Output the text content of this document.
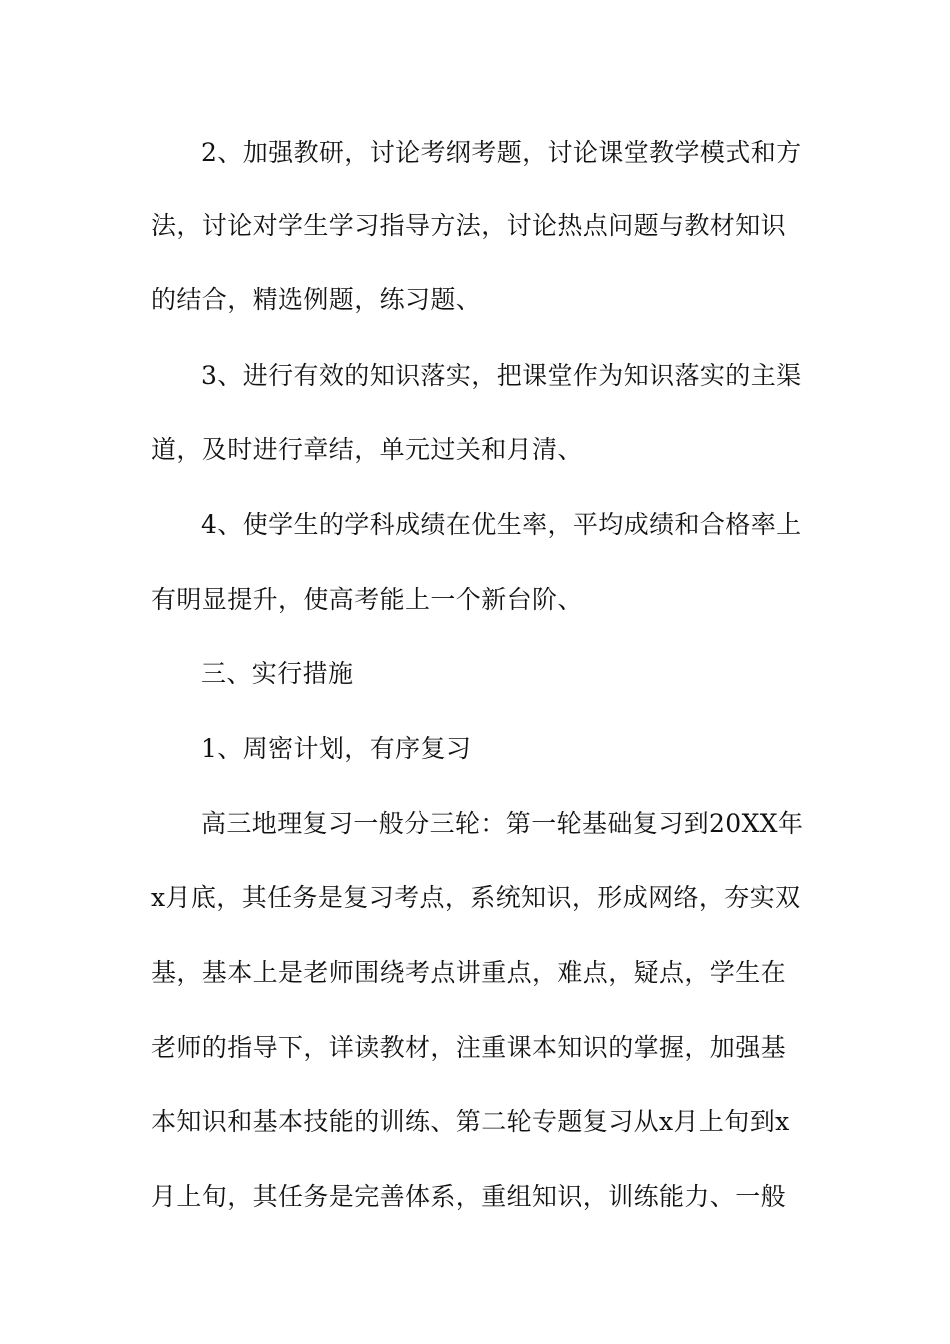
2、加强教研，讨论考纲考题，讨论课堂教学模式和方
法，讨论对学生学习指导方法，讨论热点问题与教材知识
的结合，精选例题，练习题、
3、进行有效的知识落实，把课堂作为知识落实的主渠
道，及时进行章结，单元过关和月清、
4、使学生的学科成绩在优生率，平均成绩和合格率上
有明显提升，使高考能上一个新台阶、
三、实行措施
1、周密计划，有序复习
高三地理复习一般分三轮：第一轮基础复习到20XX年
x月底，其任务是复习考点，系统知识，形成网络，夯实双
基，基本上是老师围绕考点讲重点，难点，疑点，学生在
老师的指导下，详读教材，注重课本知识的掌握，加强基
本知识和基本技能的训练、第二轮专题复习从x月上旬到x
月上旬，其任务是完善体系，重组知识，训练能力、一般
